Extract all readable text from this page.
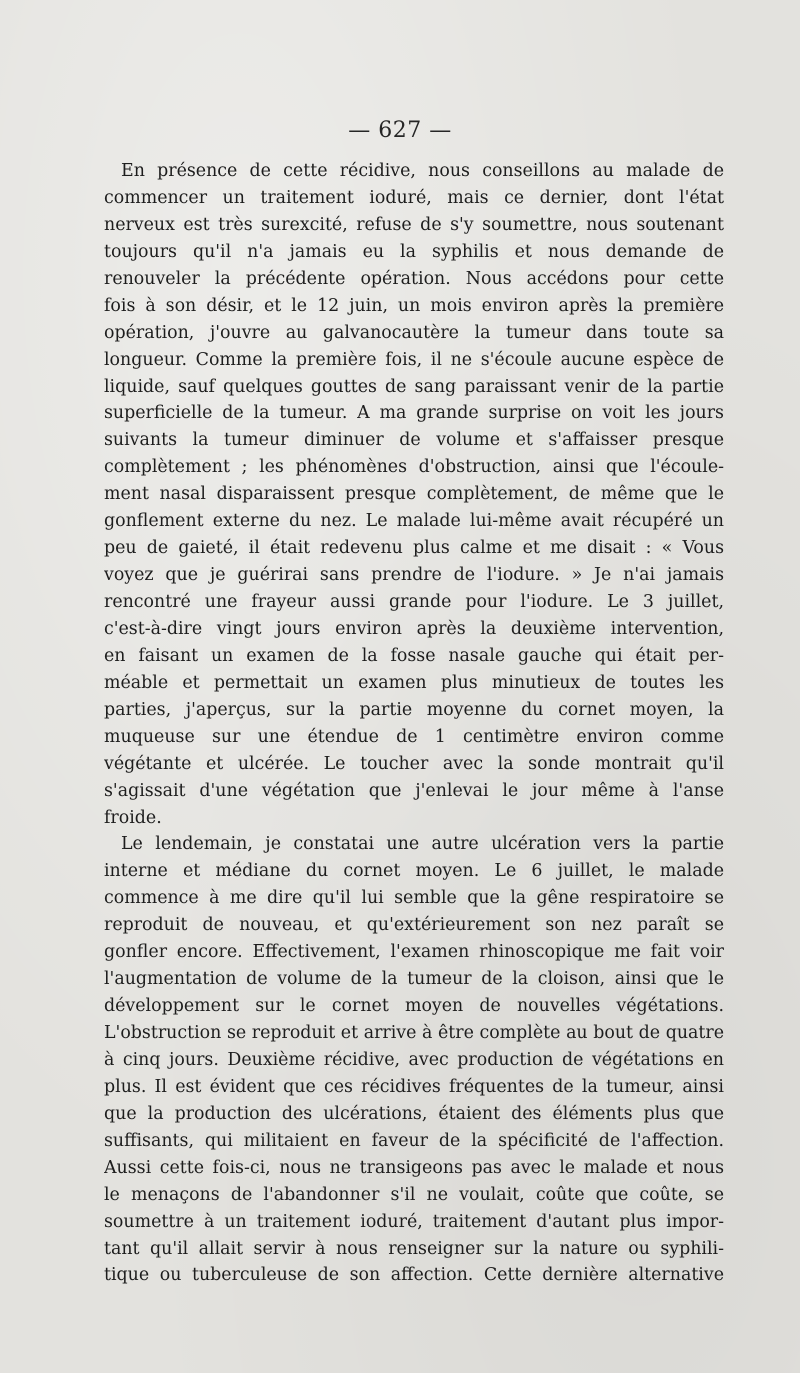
— 627 —
En présence de cette récidive, nous conseillons au malade de
commencer un traitement ioduré, mais ce dernier, dont l'état
nerveux est très surexcité, refuse de s'y soumettre, nous soutenant
toujours qu'il n'a jamais eu la syphilis et nous demande de
renouveler la précédente opération. Nous accédons pour cette
fois à son désir, et le 12 juin, un mois environ après la première
opération, j'ouvre au galvanocautère la tumeur dans toute sa
longueur. Comme la première fois, il ne s'écoule aucune espèce de
liquide, sauf quelques gouttes de sang paraissant venir de la partie
superficielle de la tumeur. A ma grande surprise on voit les jours
suivants la tumeur diminuer de volume et s'affaisser presque
complètement ; les phénomènes d'obstruction, ainsi que l'écoule-
ment nasal disparaissent presque complètement, de même que le
gonflement externe du nez. Le malade lui-même avait récupéré un
peu de gaieté, il était redevenu plus calme et me disait : « Vous
voyez que je guérirai sans prendre de l'iodure. » Je n'ai jamais
rencontré une frayeur aussi grande pour l'iodure. Le 3 juillet,
c'est-à-dire vingt jours environ après la deuxième intervention,
en faisant un examen de la fosse nasale gauche qui était per-
méable et permettait un examen plus minutieux de toutes les
parties, j'aperçus, sur la partie moyenne du cornet moyen, la
muqueuse sur une étendue de 1 centimètre environ comme
végétante et ulcérée. Le toucher avec la sonde montrait qu'il
s'agissait d'une végétation que j'enlevai le jour même à l'anse
froide.
Le lendemain, je constatai une autre ulcération vers la partie
interne et médiane du cornet moyen. Le 6 juillet, le malade
commence à me dire qu'il lui semble que la gêne respiratoire se
reproduit de nouveau, et qu'extérieurement son nez paraît se
gonfler encore. Effectivement, l'examen rhinoscopique me fait voir
l'augmentation de volume de la tumeur de la cloison, ainsi que le
développement sur le cornet moyen de nouvelles végétations.
L'obstruction se reproduit et arrive à être complète au bout de quatre
à cinq jours. Deuxième récidive, avec production de végétations en
plus. Il est évident que ces récidives fréquentes de la tumeur, ainsi
que la production des ulcérations, étaient des éléments plus que
suffisants, qui militaient en faveur de la spécificité de l'affection.
Aussi cette fois-ci, nous ne transigeons pas avec le malade et nous
le menaçons de l'abandonner s'il ne voulait, coûte que coûte, se
soumettre à un traitement ioduré, traitement d'autant plus impor-
tant qu'il allait servir à nous renseigner sur la nature ou syphili-
tique ou tuberculeuse de son affection. Cette dernière alternative
